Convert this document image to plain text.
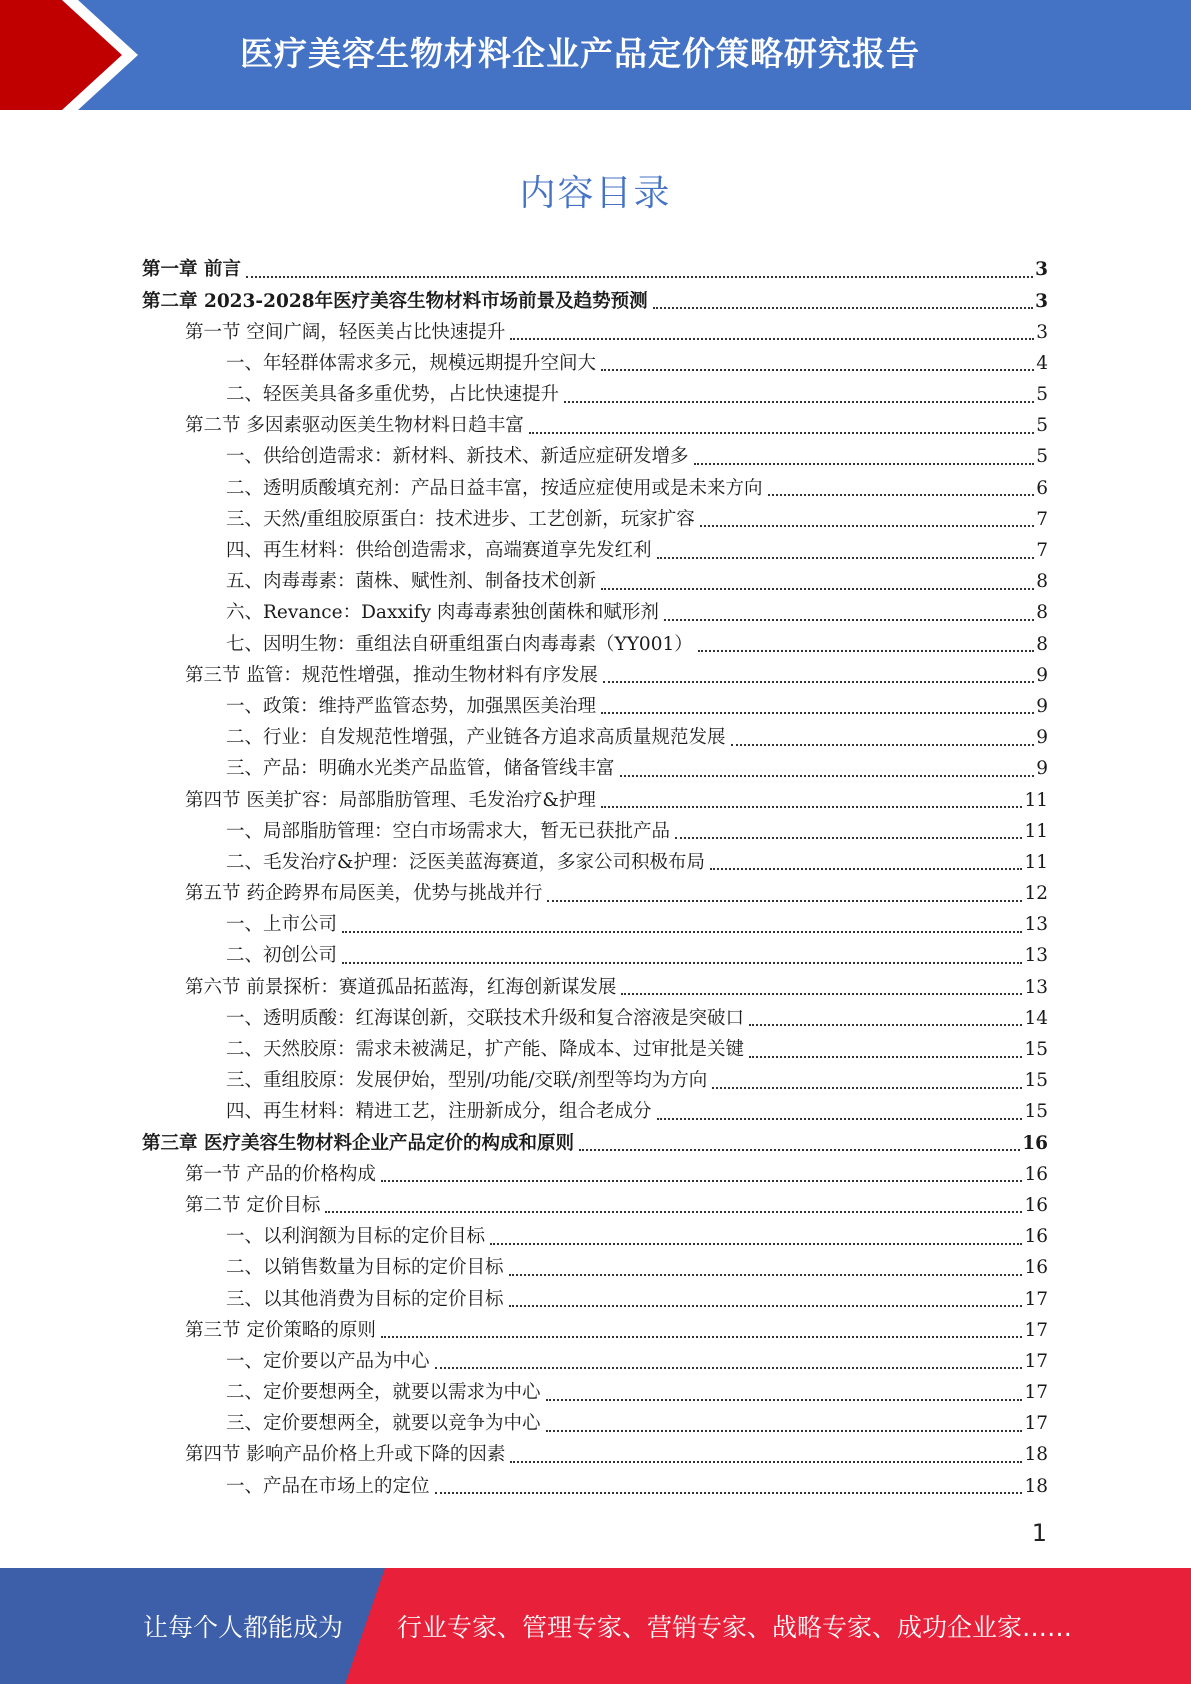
医疗美容生物材料企业产品定价策略研究报告
内容目录
第一章 前言	3
第二章 2023-2028年医疗美容生物材料市场前景及趋势预测	3
第一节 空间广阔，轻医美占比快速提升	3
一、年轻群体需求多元，规模远期提升空间大	4
二、轻医美具备多重优势，占比快速提升	5
第二节 多因素驱动医美生物材料日趋丰富	5
一、供给创造需求：新材料、新技术、新适应症研发增多	5
二、透明质酸填充剂：产品日益丰富，按适应症使用或是未来方向	6
三、天然/重组胶原蛋白：技术进步、工艺创新，玩家扩容	7
四、再生材料：供给创造需求，高端赛道享先发红利	7
五、肉毒毒素：菌株、赋性剂、制备技术创新	8
六、Revance：Daxxify 肉毒毒素独创菌株和赋形剂	8
七、因明生物：重组法自研重组蛋白肉毒毒素（YY001）	8
第三节 监管：规范性增强，推动生物材料有序发展	9
一、政策：维持严监管态势，加强黑医美治理	9
二、行业：自发规范性增强，产业链各方追求高质量规范发展	9
三、产品：明确水光类产品监管，储备管线丰富	9
第四节 医美扩容：局部脂肪管理、毛发治疗&护理	11
一、局部脂肪管理：空白市场需求大，暂无已获批产品	11
二、毛发治疗&护理：泛医美蓝海赛道，多家公司积极布局	11
第五节 药企跨界布局医美，优势与挑战并行	12
一、上市公司	13
二、初创公司	13
第六节 前景探析：赛道孤品拓蓝海，红海创新谋发展	13
一、透明质酸：红海谋创新，交联技术升级和复合溶液是突破口	14
二、天然胶原：需求未被满足，扩产能、降成本、过审批是关键	15
三、重组胶原：发展伊始，型别/功能/交联/剂型等均为方向	15
四、再生材料：精进工艺，注册新成分，组合老成分	15
第三章 医疗美容生物材料企业产品定价的构成和原则	16
第一节 产品的价格构成	16
第二节 定价目标	16
一、以利润额为目标的定价目标	16
二、以销售数量为目标的定价目标	16
三、以其他消费为目标的定价目标	17
第三节 定价策略的原则	17
一、定价要以产品为中心	17
二、定价要想两全，就要以需求为中心	17
三、定价要想两全，就要以竞争为中心	17
第四节 影响产品价格上升或下降的因素	18
一、产品在市场上的定位	18
1
让每个人都能成为 行业专家、管理专家、营销专家、战略专家、成功企业家……
